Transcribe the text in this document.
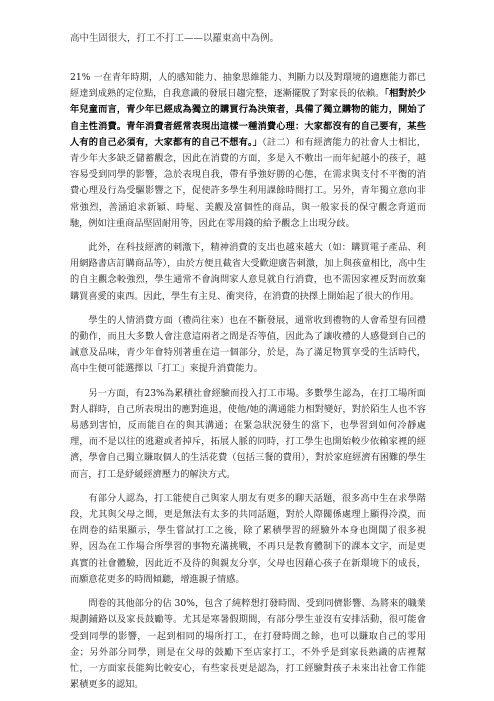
高中生固很大，打工不打工——以羅東高中為例。

21% 一在青年時期，人的感知能力、抽象思維能力、判斷力以及對環境的適應能力都已經達到成熟的定位點，自我意識的發展日趨完整，逐漸擺脫了對家長的依賴。「相對於少年兒童而言，青少年已經成為獨立的購買行為決策者，具備了獨立購物的能力，開始了自主性消費。青年消費者經常表現出這樣一種消費心理：大家都沒有的自己要有，某些人有的自己必須有，大家都有的自己不想有。」（註二）和有經濟能力的社會人士相比，青少年大多缺乏儲蓄觀念，因此在消費的方面，多是入不敷出一而年紀越小的孩子，越容易受到同學的影響，急於表現自我，帶有爭強好勝的心態，在需求與支付不平衡的消費心理及行為受驅影響之下，促使許多學生利用課餘時間打工。另外，青年獨立意向非常強烈，善涵追求新穎、時髦、美觀及富個性的商品，與一般家長的保守觀念背道而馳，例如注重商品堅固耐用等，因此在零用錢的給予觀念上出現分歧。

此外，在科技經濟的刺激下，精神消費的支出也越來越大（如：購買電子產品、利用網路書店訂購商品等），由於方便且截省大受歡迎廣告刺激，加上與孩童相比，高中生的自主觀念較強烈，學生通常不會詢問家人意見就自行消費，也不需因家裡反對而放棄購買喜愛的東西。因此，學生有主見、衝突待，在消費的抉擇上開始起了很大的作用。

學生的人情消費方面（禮尚往來）也在不斷發展，通常收到禮物的人會希望有回禮的動作，而且大多數人會注意這兩者之間是否等值，因此為了讓收禮的人感覺到自己的誠意及品味，青少年會特別著重在這一個部分，於是，為了滿足物質享受的生活時代，高中生便可能選擇以「打工」來提升消費能力。

另一方面，有23%為累積社會經驗而投入打工市場。多數學生認為，在打工場所面對人群時，自己所表現出的應對進退，使他/她的溝通能力相對變好，對於陌生人也不容易感到害怕，反而能自在的與其溝通；在緊急狀況發生的當下，也學習到如何冷靜處理，而不是以往的逃避或者掉斥，拓展人脈的同時，打工學生也開始較少依賴家裡的經濟，學會自己獨立賺取個人的生活花費（包括三餐的費用），對於家庭經濟有困難的學生而言，打工是紓緩經濟壓力的解決方式。

有部分人認為，打工能使自己與家人朋友有更多的聊天話題，很多高中生在求學階段，尤其與父母之間，更是無法有太多的共同話題，對於人際關係處理上顯得冷漠，而在問卷的結果顯示，學生嘗試打工之後，除了累積學習的經驗外本身也開闊了很多視界，因為在工作場合所學習的事物充滿挑戰，不再只是教育體制下的課本文字，而是更真實的社會體驗，因此近不及待的與親友分享，父母也因藉心孩子在新環境下的成長，而願意花更多的時間傾聽，增進親子情感。

問卷的其他部分的佔 30%，包含了純粹想打發時間、受到同儕影響、為將來的職業規劃鋪路以及家長鼓勵等。尤其是寒暑假期間，有部分學生並沒有安排活動，很可能會受到同學的影響，一起到相同的場所打工，在打發時間之餘，也可以賺取自己的零用金；另外部分同學，則是在父母的鼓勵下至店家打工，不外乎是到家長熟識的店裡幫忙，一方面家長能夠比較安心，有些家長更是認為，打工經驗對孩子未來出社會工作能累積更多的認知。
